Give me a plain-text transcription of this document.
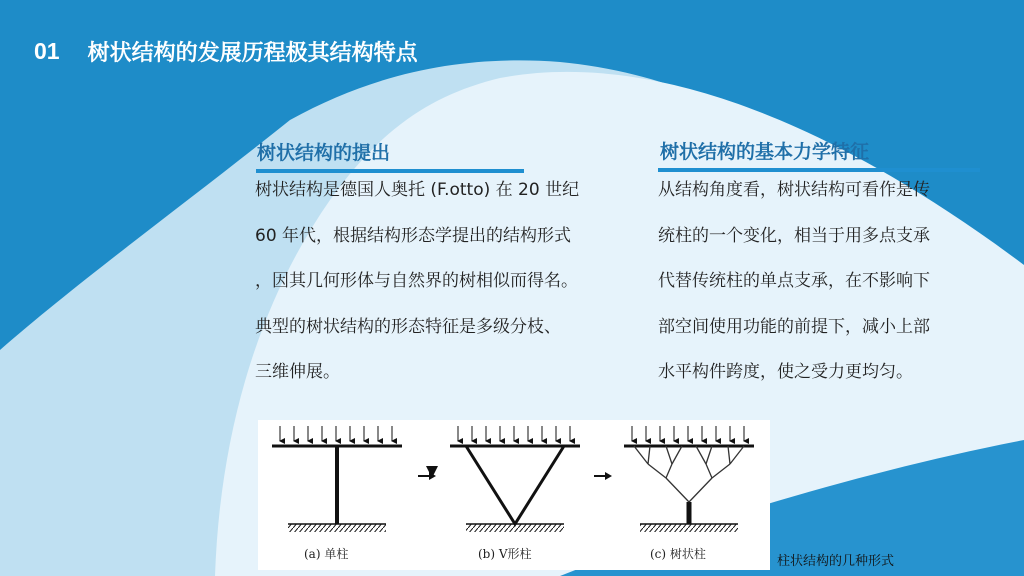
01 树状结构的发展历程极其结构特点
树状结构的提出	树状结构的基本力学特征
树状结构是德国人奥托 (F.otto) 在 20 世纪
60 年代，根据结构形态学提出的结构形式
，因其几何形体与自然界的树相似而得名。
典型的树状结构的形态特征是多级分枝、
三维伸展。
从结构角度看，树状结构可看作是传
统柱的一个变化，相当于用多点支承
代替传统柱的单点支承，在不影响下
部空间使用功能的前提下，减小上部
水平构件跨度，使之受力更均匀。
(a) 单柱	(b) V形柱	(c) 树状柱	柱状结构的几种形式
